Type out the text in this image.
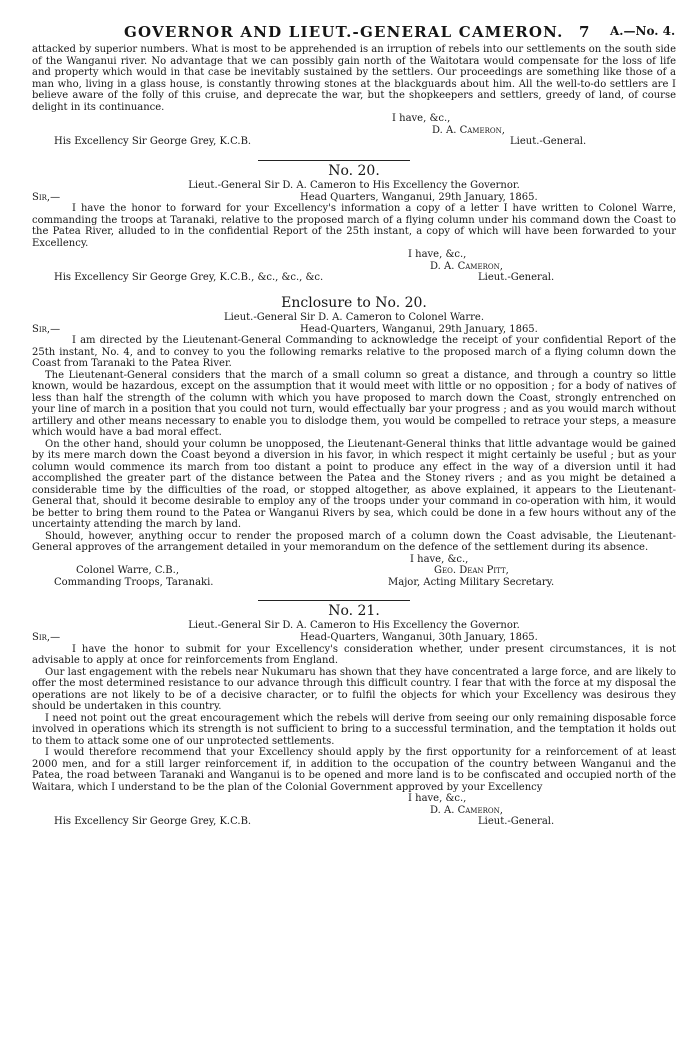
GOVERNOR AND LIEUT.-GENERAL CAMERON. 7 A.—No. 4.

attacked by superior numbers. What is most to be apprehended is an irruption of rebels into our settlements on the south side of the Wanganui river. No advantage that we can possibly gain north of the Waitotara would compensate for the loss of life and property which would in that case be inevitably sustained by the settlers. Our proceedings are something like those of a man who, living in a glass house, is constantly throwing stones at the blackguards about him. All the well-to-do settlers are I believe aware of the folly of this cruise, and deprecate the war, but the shopkeepers and settlers, greedy of land, of course delight in its continuance.

I have, &c.,
D. A. Cameron,
His Excellency Sir George Grey, K.C.B.	Lieut.-General.
No. 20.
Lieut.-General Sir D. A. Cameron to His Excellency the Governor.
Sir,—	Head Quarters, Wanganui, 29th January, 1865.

I have the honor to forward for your Excellency's information a copy of a letter I have written to Colonel Warre, commanding the troops at Taranaki, relative to the proposed march of a flying column under his command down the Coast to the Patea River, alluded to in the confidential Report of the 25th instant, a copy of which will have been forwarded to your Excellency.

I have, &c.,
D. A. Cameron,
His Excellency Sir George Grey, K.C.B., &c., &c., &c.	Lieut.-General.
Enclosure to No. 20.
Lieut.-General Sir D. A. Cameron to Colonel Warre.
Sir,—	Head-Quarters, Wanganui, 29th January, 1865.

I am directed by the Lieutenant-General Commanding to acknowledge the receipt of your confidential Report of the 25th instant, No. 4, and to convey to you the following remarks relative to the proposed march of a flying column down the Coast from Taranaki to the Patea River.

The Lieutenant-General considers that the march of a small column so great a distance, and through a country so little known, would be hazardous, except on the assumption that it would meet with little or no opposition ; for a body of natives of less than half the strength of the column with which you have proposed to march down the Coast, strongly entrenched on your line of march in a position that you could not turn, would effectually bar your progress ; and as you would march without artillery and other means necessary to enable you to dislodge them, you would be compelled to retrace your steps, a measure which would have a bad moral effect.

On the other hand, should your column be unopposed, the Lieutenant-General thinks that little advantage would be gained by its mere march down the Coast beyond a diversion in his favor, in which respect it might certainly be useful ; but as your column would commence its march from too distant a point to produce any effect in the way of a diversion until it had accomplished the greater part of the distance between the Patea and the Stoney rivers ; and as you might be detained a considerable time by the difficulties of the road, or stopped altogether, as above explained, it appears to the Lieutenant-General that, should it become desirable to employ any of the troops under your command in co-operation with him, it would be better to bring them round to the Patea or Wanganui Rivers by sea, which could be done in a few hours without any of the uncertainty attending the march by land.

Should, however, anything occur to render the proposed march of a column down the Coast advisable, the Lieutenant-General approves of the arrangement detailed in your memorandum on the defence of the settlement during its absence.

I have, &c.,
Colonel Warre, C.B.,	Geo. Dean Pitt,
Commanding Troops, Taranaki.	Major, Acting Military Secretary.
No. 21.
Lieut.-General Sir D. A. Cameron to His Excellency the Governor.
Sir,—	Head-Quarters, Wanganui, 30th January, 1865.

I have the honor to submit for your Excellency's consideration whether, under present circumstances, it is not advisable to apply at once for reinforcements from England.

Our last engagement with the rebels near Nukumaru has shown that they have concentrated a large force, and are likely to offer the most determined resistance to our advance through this difficult country. I fear that with the force at my disposal the operations are not likely to be of a decisive character, or to fulfil the objects for which your Excellency was desirous they should be undertaken in this country.

I need not point out the great encouragement which the rebels will derive from seeing our only remaining disposable force involved in operations which its strength is not sufficient to bring to a successful termination, and the temptation it holds out to them to attack some one of our unprotected settlements.

I would therefore recommend that your Excellency should apply by the first opportunity for a reinforcement of at least 2000 men, and for a still larger reinforcement if, in addition to the occupation of the country between Wanganui and the Patea, the road between Taranaki and Wanganui is to be opened and more land is to be confiscated and occupied north of the Waitara, which I understand to be the plan of the Colonial Government approved by your Excellency

I have, &c.,
D. A. Cameron,
His Excellency Sir George Grey, K.C.B.	Lieut.-General.
